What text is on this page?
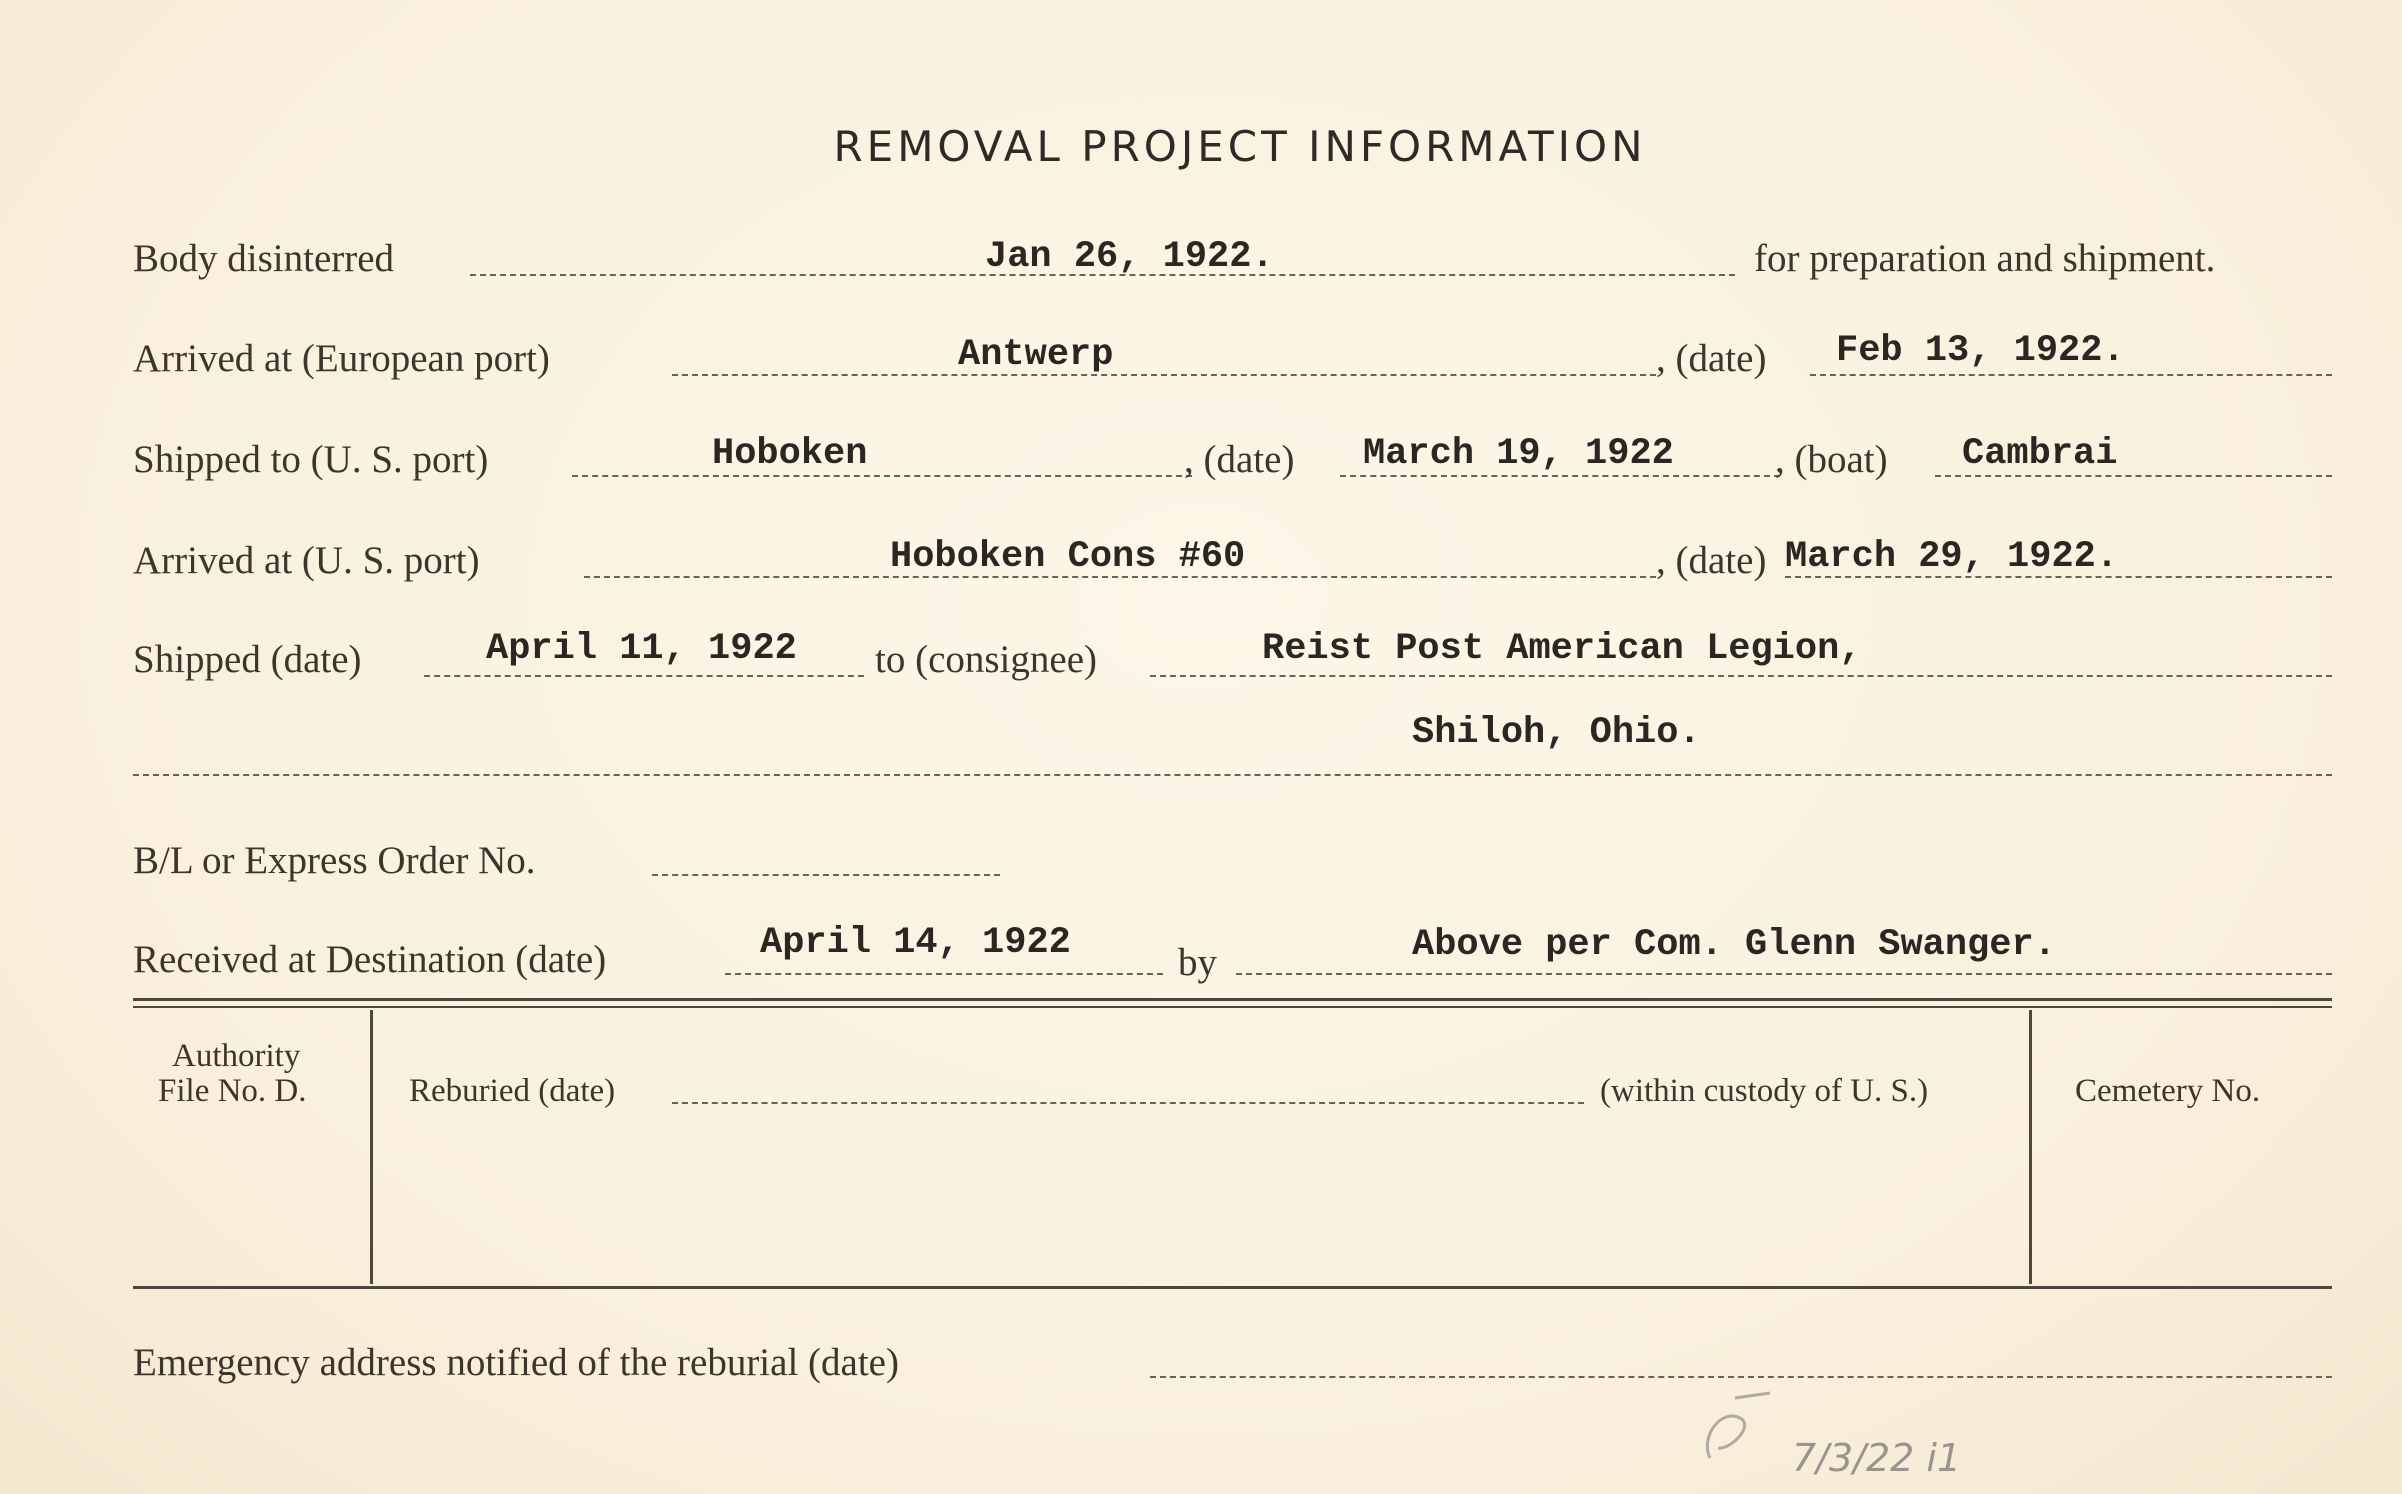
REMOVAL PROJECT INFORMATION
Body disinterred	Jan 26, 1922.	for preparation and shipment.
Arrived at (European port)	Antwerp	, (date) Feb 13, 1922.
Shipped to (U. S. port)	Hoboken	, (date) March 19, 1922	, (boat) Cambrai
Arrived at (U. S. port)	Hoboken Cons #60	, (date) March 29, 1922.
Shipped (date)	April 11, 1922 to (consignee)	Reist Post American Legion,
Shiloh, Ohio.
B/L or Express Order No.
Received at Destination (date)	April 14, 1922	by	Above per Com. Glenn Swanger.
Authority
File No. D.	Reburied (date)	(within custody of U. S.)	Cemetery No.
Emergency address notified of the reburial (date)
7/3/22 i1
